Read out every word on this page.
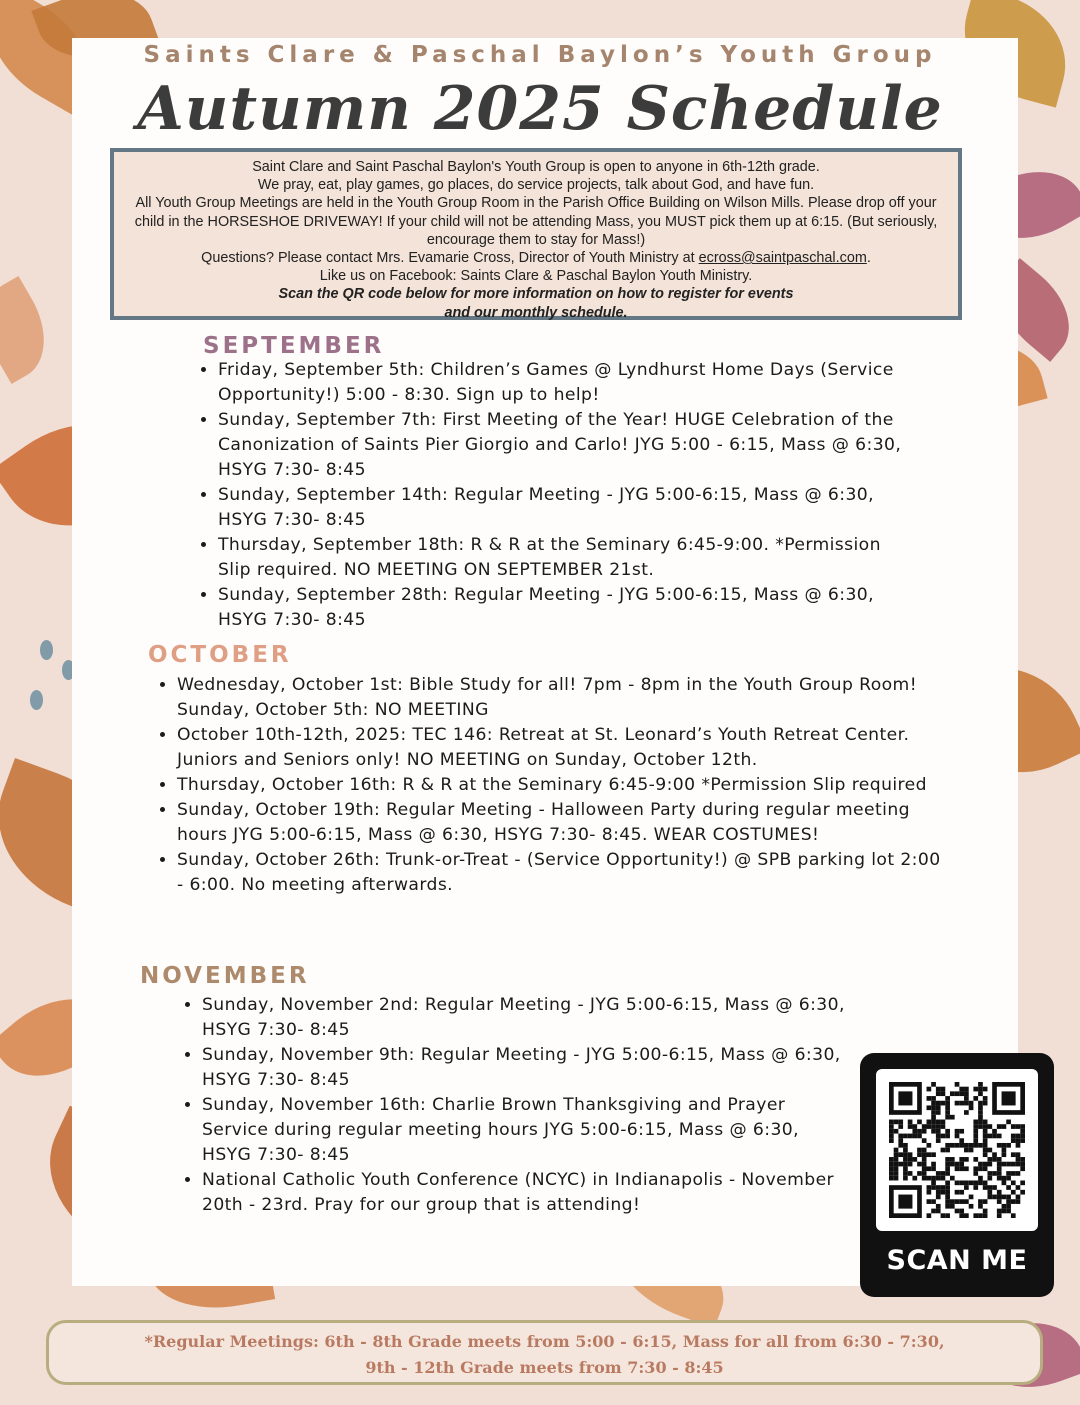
Saints Clare & Paschal Baylon’s Youth Group
Autumn 2025 Schedule

Saint Clare and Saint Paschal Baylon's Youth Group is open to anyone in 6th-12th grade.

We pray, eat, play games, go places, do service projects, talk about God, and have fun.

All Youth Group Meetings are held in the Youth Group Room in the Parish Office Building on Wilson Mills. Please drop off your child in the HORSESHOE DRIVEWAY! If your child will not be attending Mass, you MUST pick them up at 6:15. (But seriously, encourage them to stay for Mass!)

Questions? Please contact Mrs. Evamarie Cross, Director of Youth Ministry at ecross@saintpaschal.com.

Like us on Facebook: Saints Clare & Paschal Baylon Youth Ministry.

Scan the QR code below for more information on how to register for events

and our monthly schedule.

SEPTEMBER
• Friday, September 5th: Children’s Games @ Lyndhurst Home Days (Service Opportunity!) 5:00 - 8:30. Sign up to help!
• Sunday, September 7th: First Meeting of the Year! HUGE Celebration of the Canonization of Saints Pier Giorgio and Carlo! JYG 5:00 - 6:15, Mass @ 6:30, HSYG 7:30- 8:45
• Sunday, September 14th: Regular Meeting - JYG 5:00-6:15, Mass @ 6:30, HSYG 7:30- 8:45
• Thursday, September 18th: R & R at the Seminary 6:45-9:00. *Permission Slip required. NO MEETING ON SEPTEMBER 21st.
• Sunday, September 28th: Regular Meeting - JYG 5:00-6:15, Mass @ 6:30, HSYG 7:30- 8:45
OCTOBER
• Wednesday, October 1st: Bible Study for all! 7pm - 8pm in the Youth Group Room! Sunday, October 5th: NO MEETING
• October 10th-12th, 2025: TEC 146: Retreat at St. Leonard’s Youth Retreat Center. Juniors and Seniors only! NO MEETING on Sunday, October 12th.
• Thursday, October 16th: R & R at the Seminary 6:45-9:00 *Permission Slip required
• Sunday, October 19th: Regular Meeting - Halloween Party during regular meeting hours JYG 5:00-6:15, Mass @ 6:30, HSYG 7:30- 8:45. WEAR COSTUMES!
• Sunday, October 26th: Trunk-or-Treat - (Service Opportunity!) @ SPB parking lot 2:00 - 6:00. No meeting afterwards.
NOVEMBER
• Sunday, November 2nd: Regular Meeting - JYG 5:00-6:15, Mass @ 6:30, HSYG 7:30- 8:45
• Sunday, November 9th: Regular Meeting - JYG 5:00-6:15, Mass @ 6:30, HSYG 7:30- 8:45
• Sunday, November 16th: Charlie Brown Thanksgiving and Prayer Service during regular meeting hours JYG 5:00-6:15, Mass @ 6:30, HSYG 7:30- 8:45
• National Catholic Youth Conference (NCYC) in Indianapolis - November 20th - 23rd. Pray for our group that is attending!
SCAN ME

*Regular Meetings: 6th - 8th Grade meets from 5:00 - 6:15, Mass for all from 6:30 - 7:30,

9th - 12th Grade meets from 7:30 - 8:45
